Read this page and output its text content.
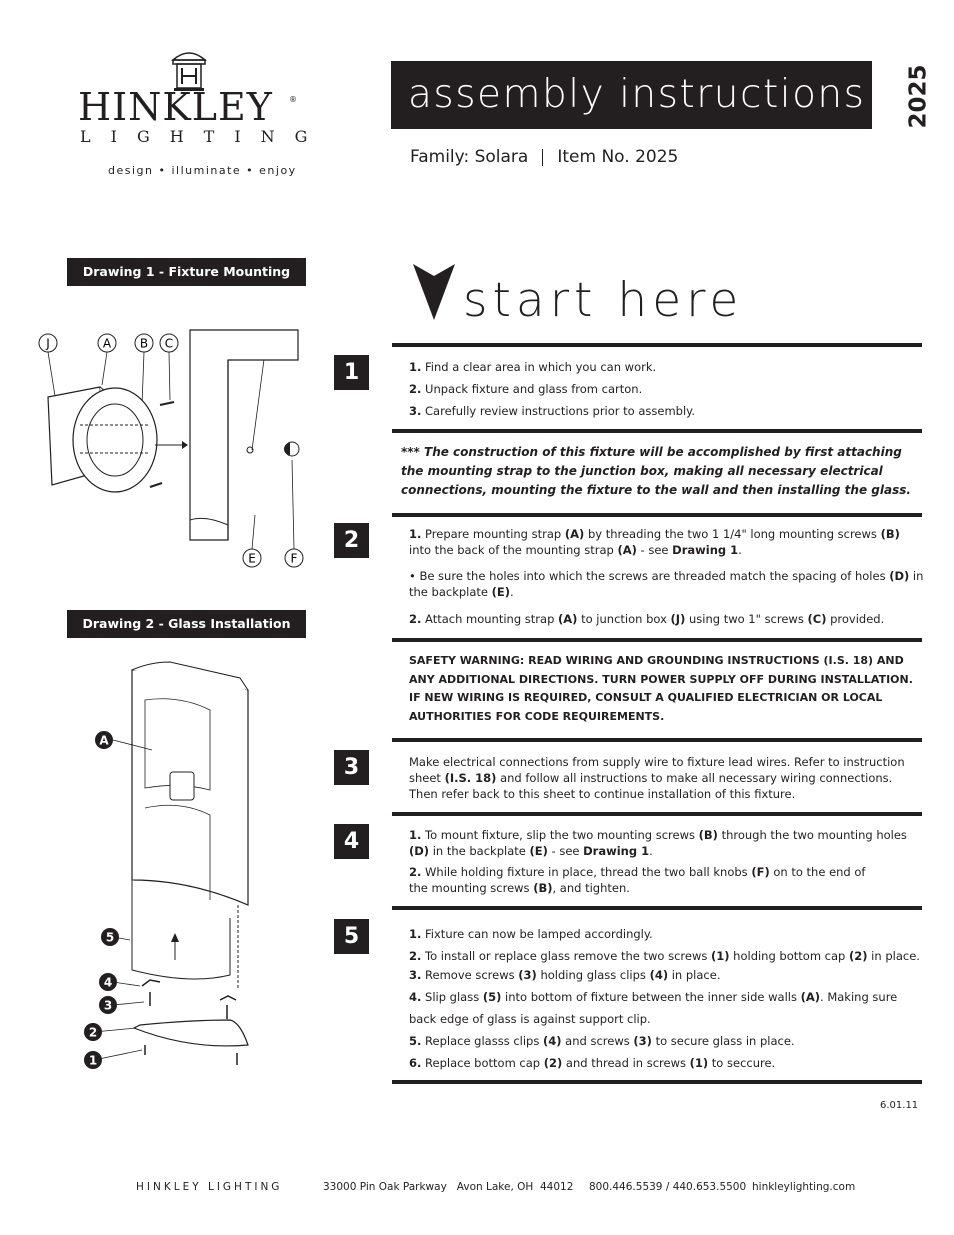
HINKLEY ®
LIGHTING
design • illuminate • enjoy
assembly instructions 2025
Family: Solara Item No. 2025
Drawing 1 - Fixture Mounting
J	A B C
E	F
Drawing 2 - Glass Installation
A
5
4
3
2
1
start here
1
2
3
4
5
1. Find a clear area in which you can work.
2. Unpack fixture and glass from carton.
3. Carefully review instructions prior to assembly.
*** The construction of this fixture will be accomplished by first attaching the mounting strap to the junction box, making all necessary electrical connections, mounting the fixture to the wall and then installing the glass.
1. Prepare mounting strap (A) by threading the two 1 1/4" long mounting screws (B) into the back of the mounting strap (A) - see Drawing 1.
• Be sure the holes into which the screws are threaded match the spacing of holes (D) in the backplate (E).
2. Attach mounting strap (A) to junction box (J) using two 1" screws (C) provided.
SAFETY WARNING: READ WIRING AND GROUNDING INSTRUCTIONS (I.S. 18) AND ANY ADDITIONAL DIRECTIONS. TURN POWER SUPPLY OFF DURING INSTALLATION. IF NEW WIRING IS REQUIRED, CONSULT A QUALIFIED ELECTRICIAN OR LOCAL AUTHORITIES FOR CODE REQUIREMENTS.
Make electrical connections from supply wire to fixture lead wires. Refer to instruction sheet (I.S. 18) and follow all instructions to make all necessary wiring connections. Then refer back to this sheet to continue installation of this fixture.
1. To mount fixture, slip the two mounting screws (B) through the two mounting holes (D) in the backplate (E) - see Drawing 1.
2. While holding fixture in place, thread the two ball knobs (F) on to the end of the mounting screws (B), and tighten.
1. Fixture can now be lamped accordingly.
2. To install or replace glass remove the two screws (1) holding bottom cap (2) in place.
3. Remove screws (3) holding glass clips (4) in place.
4. Slip glass (5) into bottom of fixture between the inner side walls (A). Making sure
back edge of glass is against support clip.
5. Replace glasss clips (4) and screws (3) to secure glass in place.
6. Replace bottom cap (2) and thread in screws (1) to seccure.
6.01.11
HINKLEY LIGHTING	33000 Pin Oak Parkway   Avon Lake, OH  44012 800.446.5539 / 440.653.5500 hinkleylighting.com
